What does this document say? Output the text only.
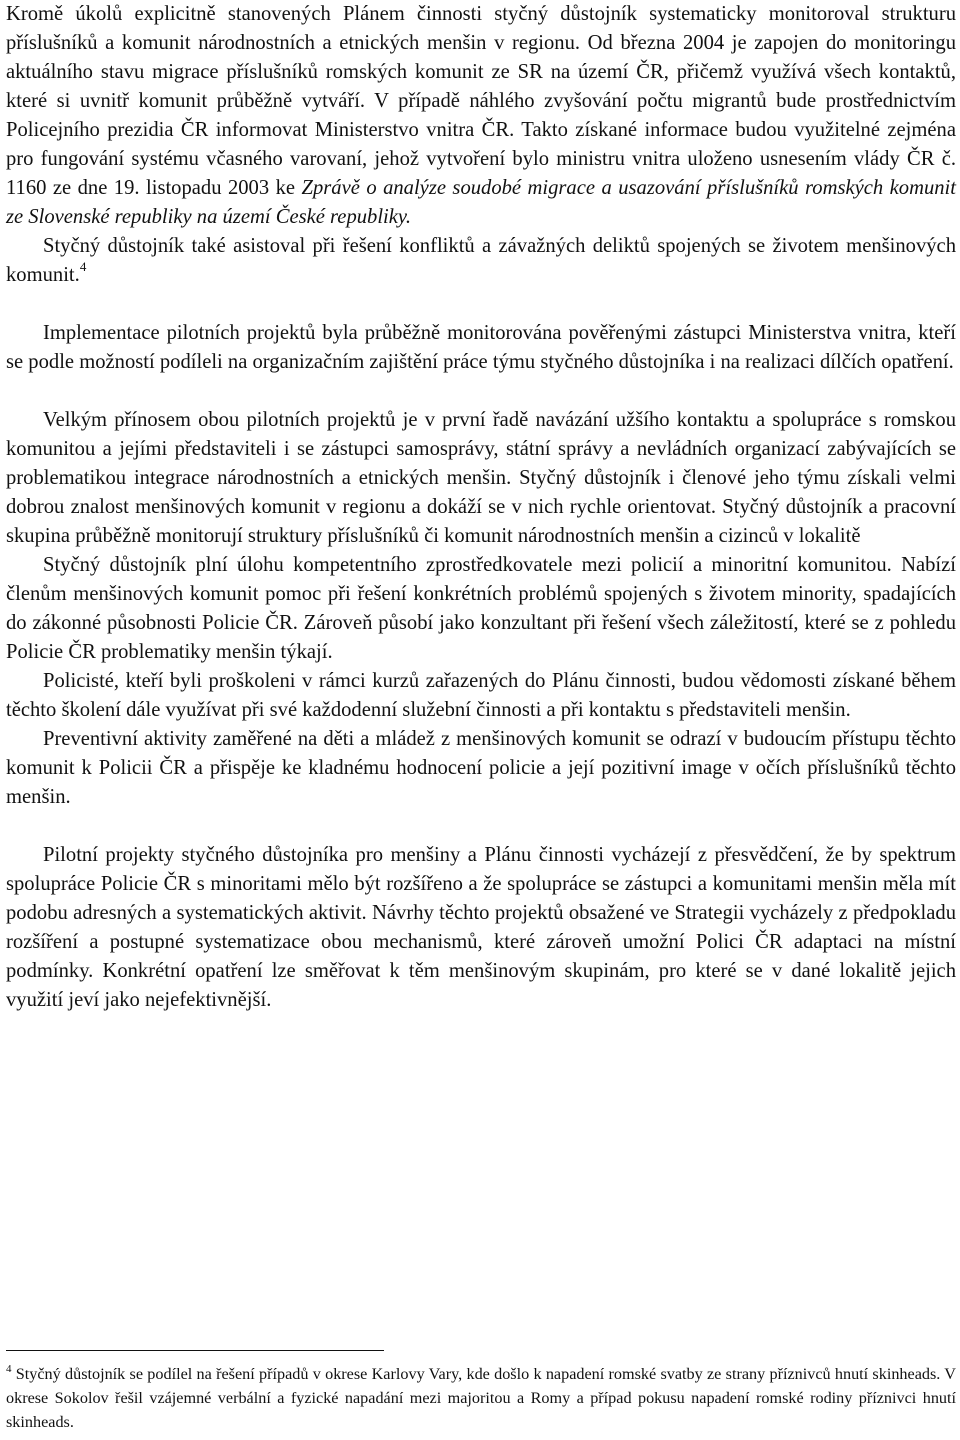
Kromě úkolů explicitně stanovených Plánem činnosti styčný důstojník systematicky monitoroval strukturu příslušníků a komunit národnostních a etnických menšin v regionu. Od března 2004 je zapojen do monitoringu aktuálního stavu migrace příslušníků romských komunit ze SR na území ČR, přičemž využívá všech kontaktů, které si uvnitř komunit průběžně vytváří. V případě náhlého zvyšování počtu migrantů bude prostřednictvím Policejního prezidia ČR informovat Ministerstvo vnitra ČR. Takto získané informace budou využitelné zejména pro fungování systému včasného varovaní, jehož vytvoření bylo ministru vnitra uloženo usnesením vlády ČR č. 1160 ze dne 19. listopadu 2003 ke Zprávě o analýze soudobé migrace a usazování příslušníků romských komunit ze Slovenské republiky na území České republiky.

Styčný důstojník také asistoval při řešení konfliktů a závažných deliktů spojených se životem menšinových komunit.$^4$

Implementace pilotních projektů byla průběžně monitorována pověřenými zástupci Ministerstva vnitra, kteří se podle možností podíleli na organizačním zajištění práce týmu styčného důstojníka i na realizaci dílčích opatření.

Velkým přínosem obou pilotních projektů je v první řadě navázání užšího kontaktu a spolupráce s romskou komunitou a jejími představiteli i se zástupci samosprávy, státní správy a nevládních organizací zabývajících se problematikou integrace národnostních a etnických menšin. Styčný důstojník i členové jeho týmu získali velmi dobrou znalost menšinových komunit v regionu a dokáží se v nich rychle orientovat. Styčný důstojník a pracovní skupina průběžně monitorují struktury příslušníků či komunit národnostních menšin a cizinců v lokalitě

Styčný důstojník plní úlohu kompetentního zprostředkovatele mezi policií a minoritní komunitou. Nabízí členům menšinových komunit pomoc při řešení konkrétních problémů spojených s životem minority, spadajících do zákonné působnosti Policie ČR. Zároveň působí jako konzultant při řešení všech záležitostí, které se z pohledu Policie ČR problematiky menšin týkají.

Policisté, kteří byli proškoleni v rámci kurzů zařazených do Plánu činnosti, budou vědomosti získané během těchto školení dále využívat při své každodenní služební činnosti a při kontaktu s představiteli menšin.

Preventivní aktivity zaměřené na děti a mládež z menšinových komunit se odrazí v budoucím přístupu těchto komunit k Policii ČR a přispěje ke kladnému hodnocení policie a její pozitivní image v očích příslušníků těchto menšin.

Pilotní projekty styčného důstojníka pro menšiny a Plánu činnosti vycházejí z přesvědčení, že by spektrum spolupráce Policie ČR s minoritami mělo být rozšířeno a že spolupráce se zástupci a komunitami menšin měla mít podobu adresných a systematických aktivit. Návrhy těchto projektů obsažené ve Strategii vycházely z předpokladu rozšíření a postupné systematizace obou mechanismů, které zároveň umožní Polici ČR adaptaci na místní podmínky. Konkrétní opatření lze směřovat k těm menšinovým skupinám, pro které se v dané lokalitě jejich využití jeví jako nejefektivnější.

$^4$ Styčný důstojník se podílel na řešení případů v okrese Karlovy Vary, kde došlo k napadení romské svatby ze strany příznivců hnutí skinheads. V okrese Sokolov řešil vzájemné verbální a fyzické napadání mezi majoritou a Romy a případ pokusu napadení romské rodiny příznivci hnutí skinheads.
